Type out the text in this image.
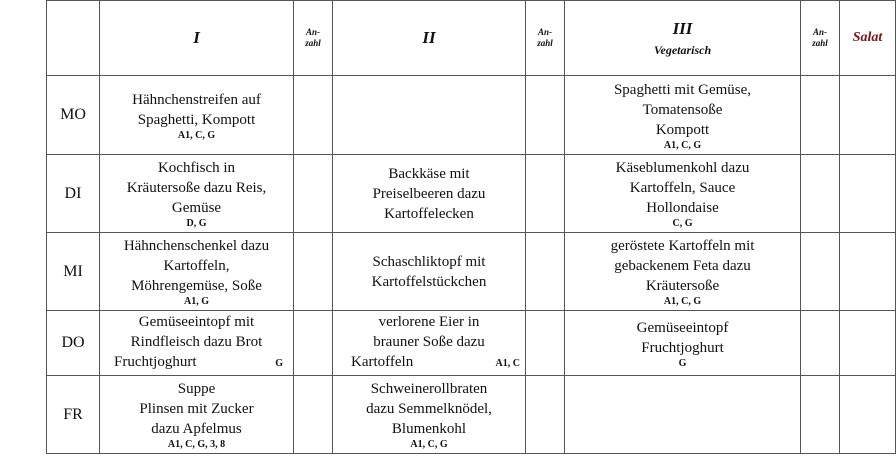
	I	An-
zahl	II	An-
zahl	III
Vegetarisch	An-
zahl	Salat
MO	Hähnchenstreifen auf
Spaghetti, Kompott
A1, C, G				Spaghetti mit Gemüse,
Tomatensoße
Kompott
A1, C, G		

DI	Kochfisch in
Kräutersoße dazu Reis,
Gemüse
D, G		Backkäse mit
Preiselbeeren dazu
Kartoffelecken		Käseblumenkohl dazu
Kartoffeln, Sauce
Hollondaise
C, G		

MI	Hähnchenschenkel dazu
Kartoffeln,
Möhrengemüse, Soße
A1, G		Schaschliktopf mit
Kartoffelstückchen		geröstete Kartoffeln mit
gebackenem Feta dazu
Kräutersoße
A1, C, G		

DO	Gemüseeintopf mit
Rindfleisch dazu Brot
Fruchtjoghurt G		verlorene Eier in
brauner Soße dazu
Kartoffeln A1, C		Gemüseeintopf
Fruchtjoghurt
G		

FR	Suppe
Plinsen mit Zucker
dazu Apfelmus
A1, C, G, 3, 8		Schweinerollbraten
dazu Semmelknödel,
Blumenkohl
A1, C, G				
